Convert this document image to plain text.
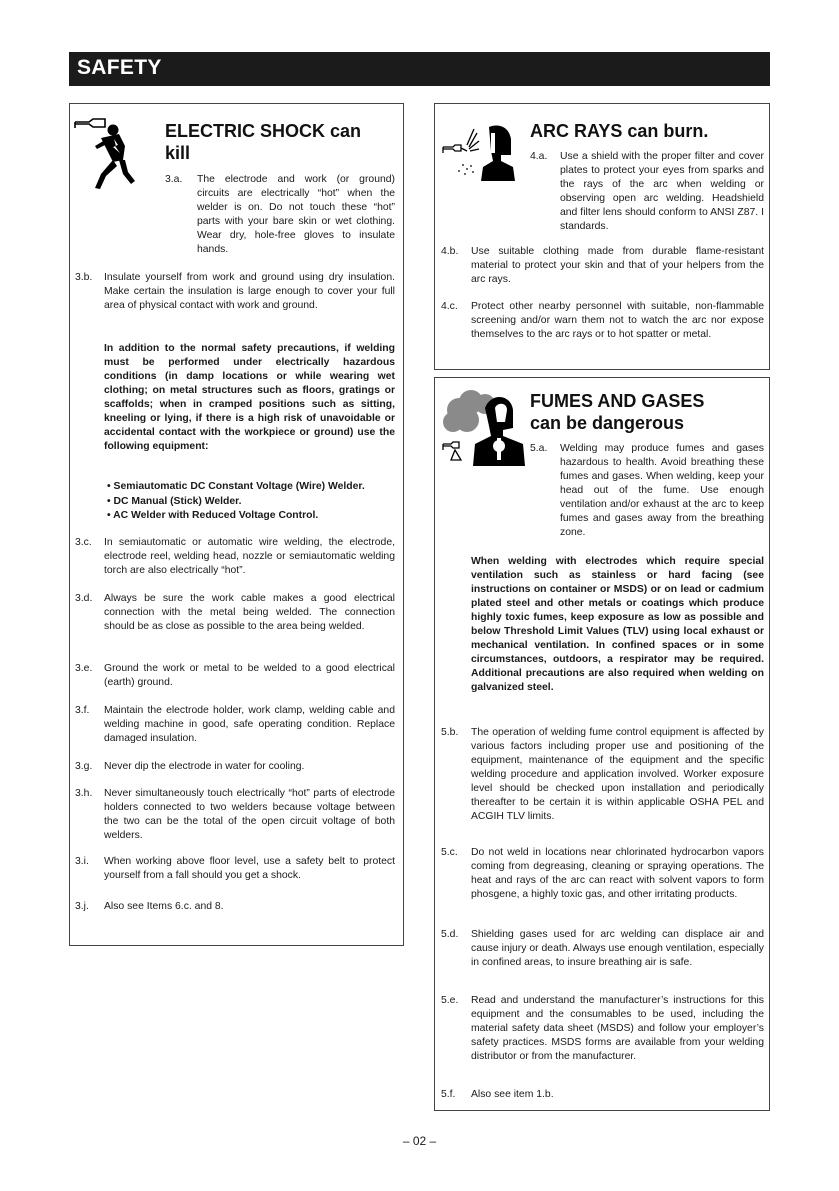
SAFETY
ELECTRIC SHOCK can
kill
3.a. The electrode and work (or ground) circuits are electrically “hot” when the welder is on. Do not touch these “hot” parts with your bare skin or wet clothing. Wear dry, hole-free gloves to insulate hands.
3.b. Insulate yourself from work and ground using dry insulation. Make certain the insulation is large enough to cover your full area of physical contact with work and ground.
In addition to the normal safety precautions, if welding must be performed under electrically hazardous conditions (in damp locations or while wearing wet clothing; on metal structures such as floors, gratings or scaffolds; when in cramped positions such as sitting, kneeling or lying, if there is a high risk of unavoidable or accidental contact with the workpiece or ground) use the following equipment:
• Semiautomatic DC Constant Voltage (Wire) Welder.
• DC Manual (Stick) Welder.
• AC Welder with Reduced Voltage Control.
3.c. In semiautomatic or automatic wire welding, the electrode, electrode reel, welding head, nozzle or semiautomatic welding torch are also electrically “hot”.
3.d. Always be sure the work cable makes a good electrical connection with the metal being welded. The connection should be as close as possible to the area being welded.
3.e. Ground the work or metal to be welded to a good electrical (earth) ground.
3.f. Maintain the electrode holder, work clamp, welding cable and welding machine in good, safe operating condition. Replace damaged insulation.
3.g. Never dip the electrode in water for cooling.
3.h. Never simultaneously touch electrically “hot” parts of electrode holders connected to two welders because voltage between the two can be the total of the open circuit voltage of both welders.
3.i. When working above floor level, use a safety belt to protect yourself from a fall should you get a shock.
3.j. Also see Items 6.c. and 8.
ARC RAYS can burn.
4.a. Use a shield with the proper filter and cover plates to protect your eyes from sparks and the rays of the arc when welding or observing open arc welding. Headshield and filter lens should conform to ANSI Z87. I standards.
4.b. Use suitable clothing made from durable flame-resistant material to protect your skin and that of your helpers from the arc rays.
4.c. Protect other nearby personnel with suitable, non-flammable screening and/or warn them not to watch the arc nor expose themselves to the arc rays or to hot spatter or metal.
FUMES AND GASES
can be dangerous
5.a. Welding may produce fumes and gases hazardous to health. Avoid breathing these fumes and gases. When welding, keep your head out of the fume. Use enough ventilation and/or exhaust at the arc to keep fumes and gases away from the breathing zone.
When welding with electrodes which require special ventilation such as stainless or hard facing (see instructions on container or MSDS) or on lead or cadmium plated steel and other metals or coatings which produce highly toxic fumes, keep exposure as low as possible and below Threshold Limit Values (TLV) using local exhaust or mechanical ventilation. In confined spaces or in some circumstances, outdoors, a respirator may be required. Additional precautions are also required when welding on galvanized steel.
5.b. The operation of welding fume control equipment is affected by various factors including proper use and positioning of the equipment, maintenance of the equipment and the specific welding procedure and application involved. Worker exposure level should be checked upon installation and periodically thereafter to be certain it is within applicable OSHA PEL and ACGIH TLV limits.
5.c. Do not weld in locations near chlorinated hydrocarbon vapors coming from degreasing, cleaning or spraying operations. The heat and rays of the arc can react with solvent vapors to form phosgene, a highly toxic gas, and other irritating products.
5.d. Shielding gases used for arc welding can displace air and cause injury or death. Always use enough ventilation, especially in confined areas, to insure breathing air is safe.
5.e. Read and understand the manufacturer’s instructions for this equipment and the consumables to be used, including the material safety data sheet (MSDS) and follow your employer’s safety practices. MSDS forms are available from your welding distributor or from the manufacturer.
5.f. Also see item 1.b.
– 02 –
